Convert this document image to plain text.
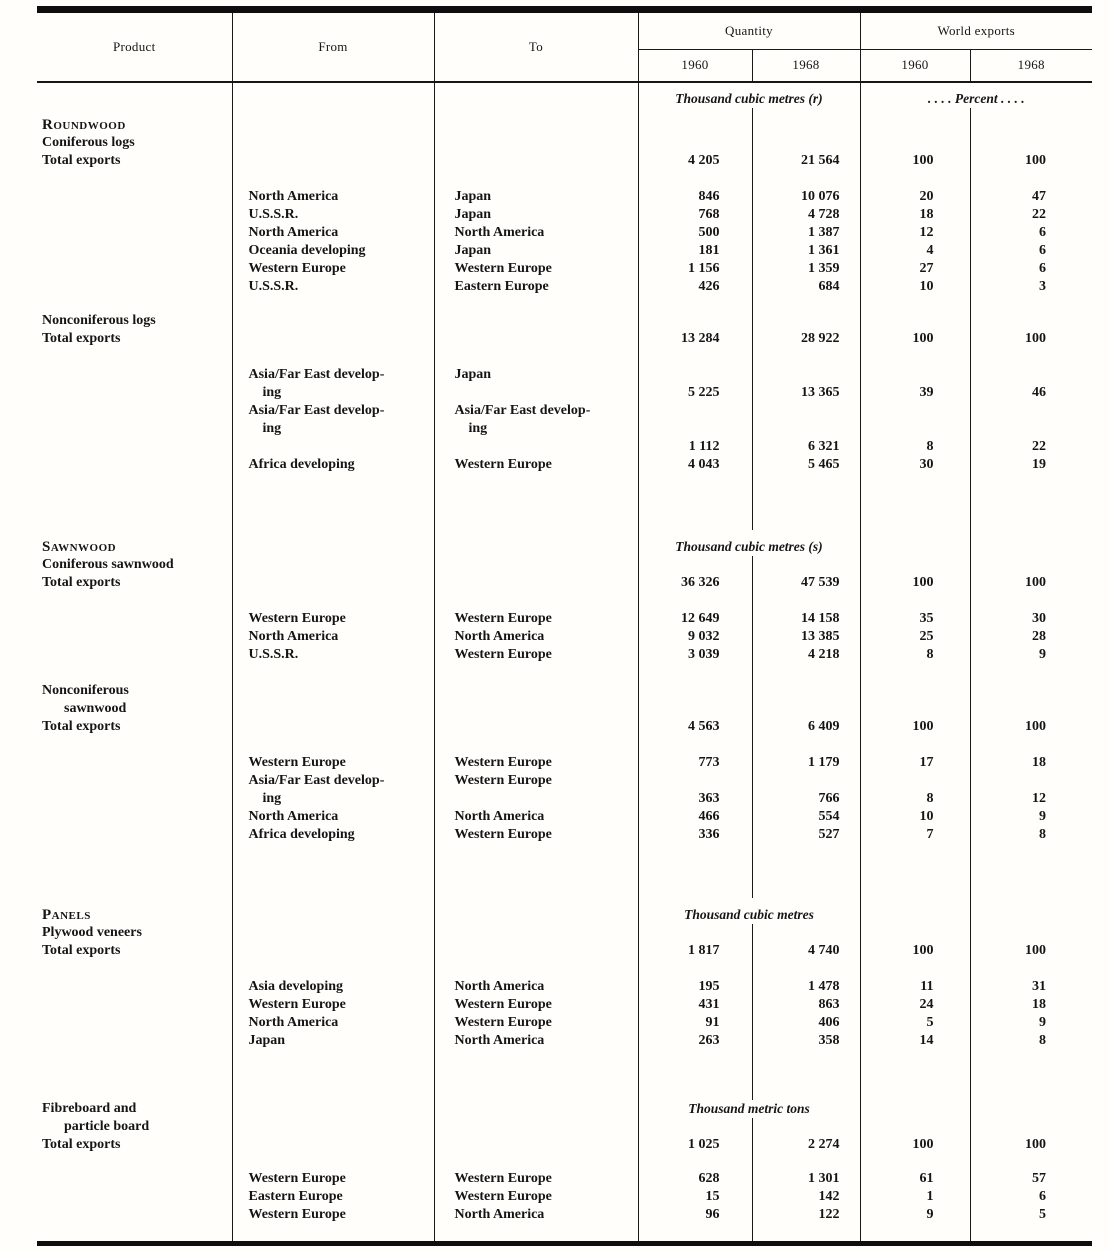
Product	From	To	Quantity		World exports	
			1960	1968	1960	1968
			Thousand cubic metres (r)		. . . . Percent . . . .	
Roundwood						
Coniferous logs						
Total exports			4 205	21 564	100	100

	North America	Japan	846	10 076	20	47
	U.S.S.R.	Japan	768	4 728	18	22
	North America	North America	500	1 387	12	6
	Oceania developing	Japan	181	1 361	4	6
	Western Europe	Western Europe	1 156	1 359	27	6
	U.S.S.R.	Eastern Europe	426	684	10	3

Nonconiferous logs						
Total exports			13 284	28 922	100	100

	Asia/Far East develop-	Japan				
	ing		5 225	13 365	39	46
	Asia/Far East develop-	Asia/Far East develop-				
	ing	ing				
			1 112	6 321	8	22
	Africa developing	Western Europe	4 043	5 465	30	19

Sawnwood			Thousand cubic metres (s)			
Coniferous sawnwood						
Total exports			36 326	47 539	100	100

	Western Europe	Western Europe	12 649	14 158	35	30
	North America	North America	9 032	13 385	25	28
	U.S.S.R.	Western Europe	3 039	4 218	8	9

Nonconiferous						
sawnwood						
Total exports			4 563	6 409	100	100

	Western Europe	Western Europe	773	1 179	17	18
	Asia/Far East develop-	Western Europe				
	ing		363	766	8	12
	North America	North America	466	554	10	9
	Africa developing	Western Europe	336	527	7	8

Panels			Thousand cubic metres			
Plywood veneers						
Total exports			1 817	4 740	100	100

	Asia developing	North America	195	1 478	11	31
	Western Europe	Western Europe	431	863	24	18
	North America	Western Europe	91	406	5	9
	Japan	North America	263	358	14	8

Fibreboard and			Thousand metric tons			
particle board						
Total exports			1 025	2 274	100	100

	Western Europe	Western Europe	628	1 301	61	57
	Eastern Europe	Western Europe	15	142	1	6
	Western Europe	North America	96	122	9	5
